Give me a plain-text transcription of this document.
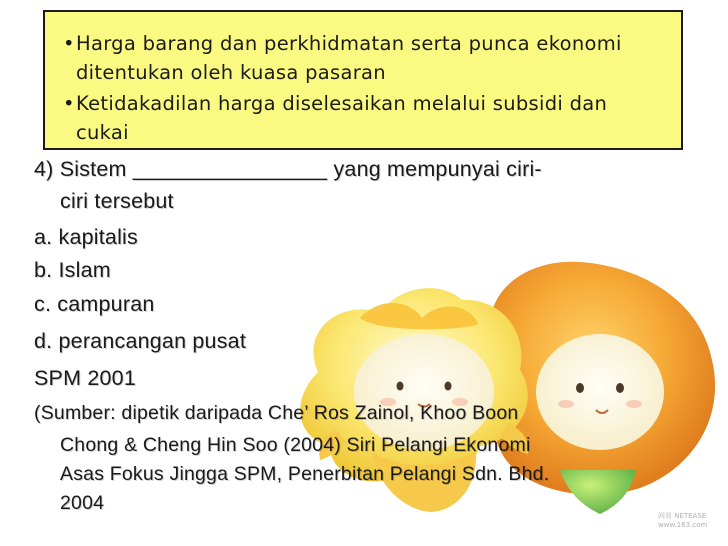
•Harga barang dan perkhidmatan serta punca ekonomi
ditentukan oleh kuasa pasaran
•Ketidakadilan harga diselesaikan melalui subsidi dan
cukai
4) Sistem ________________ yang mempunyai ciri-
ciri tersebut
a. kapitalis
b. Islam
c. campuran
d. perancangan pusat
SPM 2001
(Sumber: dipetik daripada Che’ Ros Zainol, Khoo Boon
Chong & Cheng Hin Soo (2004) Siri Pelangi Ekonomi
Asas Fokus Jingga SPM, Penerbitan Pelangi Sdn. Bhd.
2004
网易 NETEASE
www.163.com
